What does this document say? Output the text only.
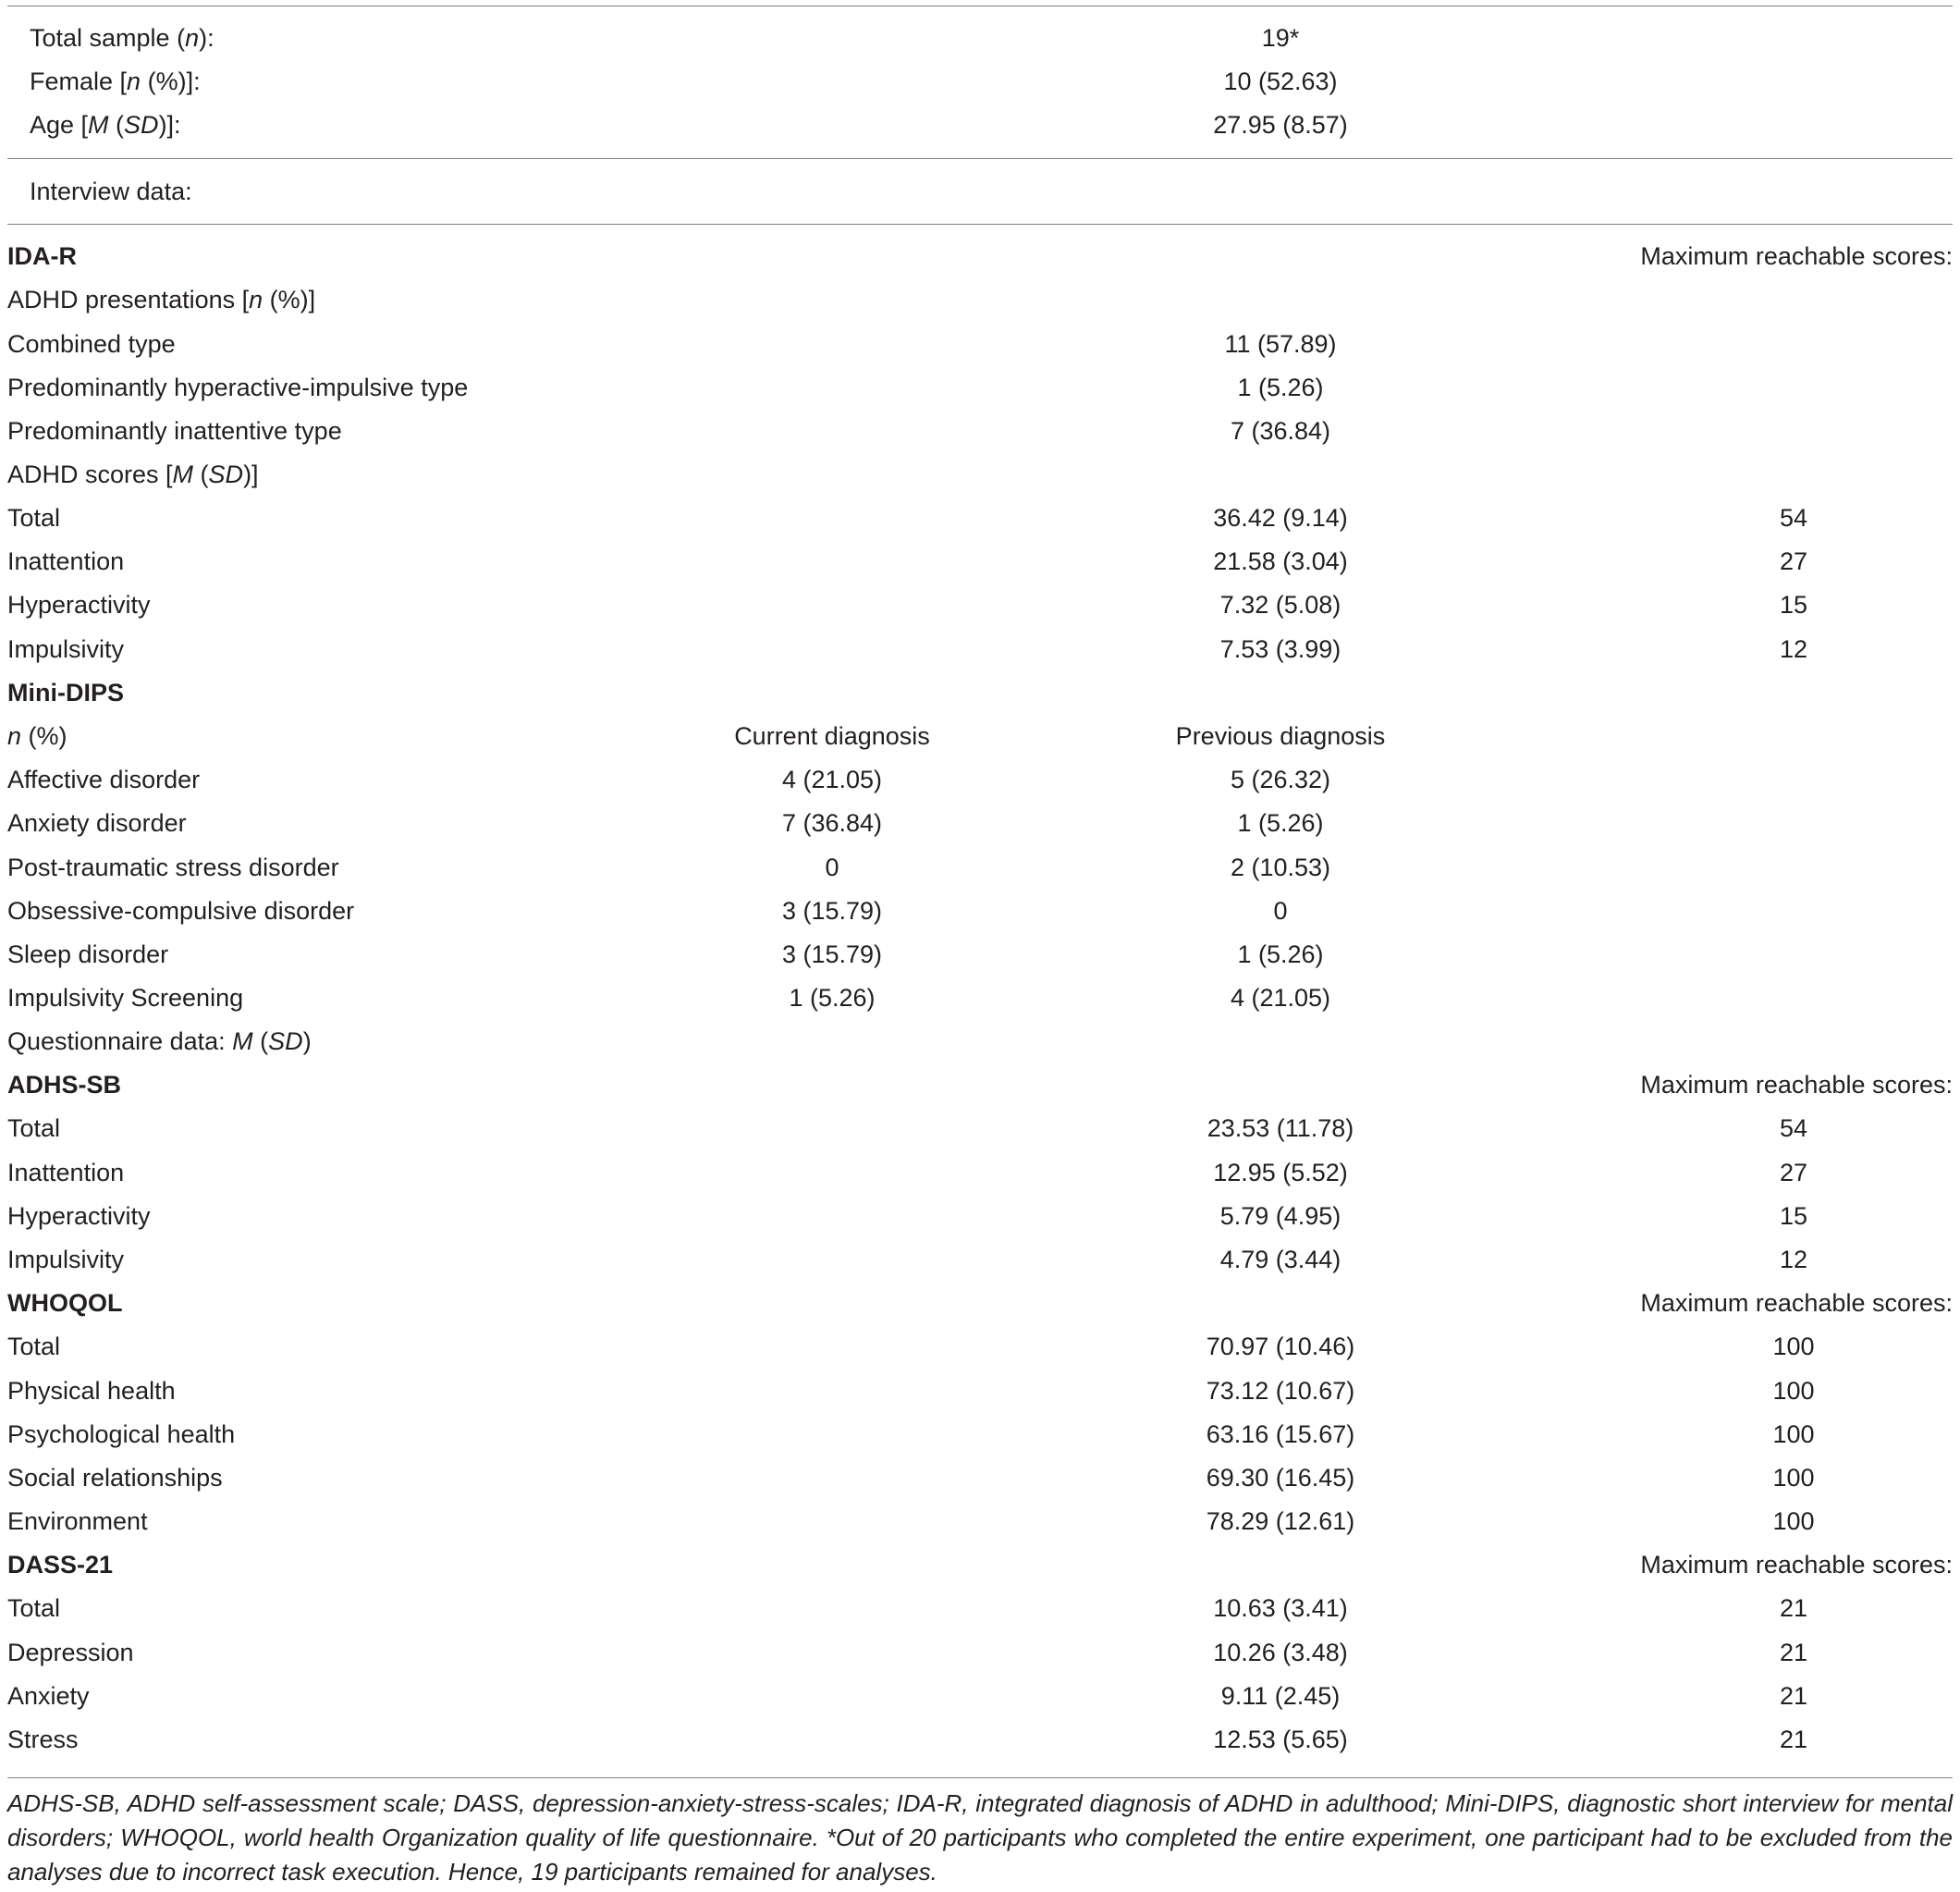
Total sample (n):	19*
Female [n (%)]:	10 (52.63)
Age [M (SD)]:	27.95 (8.57)
Interview data:
IDA-R	Maximum reachable scores:
ADHD presentations [n (%)]
Combined type	11 (57.89)
Predominantly hyperactive-impulsive type	1 (5.26)
Predominantly inattentive type	7 (36.84)
ADHD scores [M (SD)]
Total	36.42 (9.14)	54
Inattention	21.58 (3.04)	27
Hyperactivity	7.32 (5.08)	15
Impulsivity	7.53 (3.99)	12
Mini-DIPS
n (%)	Current diagnosis	Previous diagnosis
Affective disorder	4 (21.05)	5 (26.32)
Anxiety disorder	7 (36.84)	1 (5.26)
Post-traumatic stress disorder	0	2 (10.53)
Obsessive-compulsive disorder	3 (15.79)	0
Sleep disorder	3 (15.79)	1 (5.26)
Impulsivity Screening	1 (5.26)	4 (21.05)
Questionnaire data: M (SD)
ADHS-SB	Maximum reachable scores:
Total	23.53 (11.78)	54
Inattention	12.95 (5.52)	27
Hyperactivity	5.79 (4.95)	15
Impulsivity	4.79 (3.44)	12
WHOQOL	Maximum reachable scores:
Total	70.97 (10.46)	100
Physical health	73.12 (10.67)	100
Psychological health	63.16 (15.67)	100
Social relationships	69.30 (16.45)	100
Environment	78.29 (12.61)	100
DASS-21	Maximum reachable scores:
Total	10.63 (3.41)	21
Depression	10.26 (3.48)	21
Anxiety	9.11 (2.45)	21
Stress	12.53 (5.65)	21
ADHS-SB, ADHD self-assessment scale; DASS, depression-anxiety-stress-scales; IDA-R, integrated diagnosis of ADHD in adulthood; Mini-DIPS, diagnostic short interview for mental disorders; WHOQOL, world health Organization quality of life questionnaire. *Out of 20 participants who completed the entire experiment, one participant had to be excluded from the analyses due to incorrect task execution. Hence, 19 participants remained for analyses.
